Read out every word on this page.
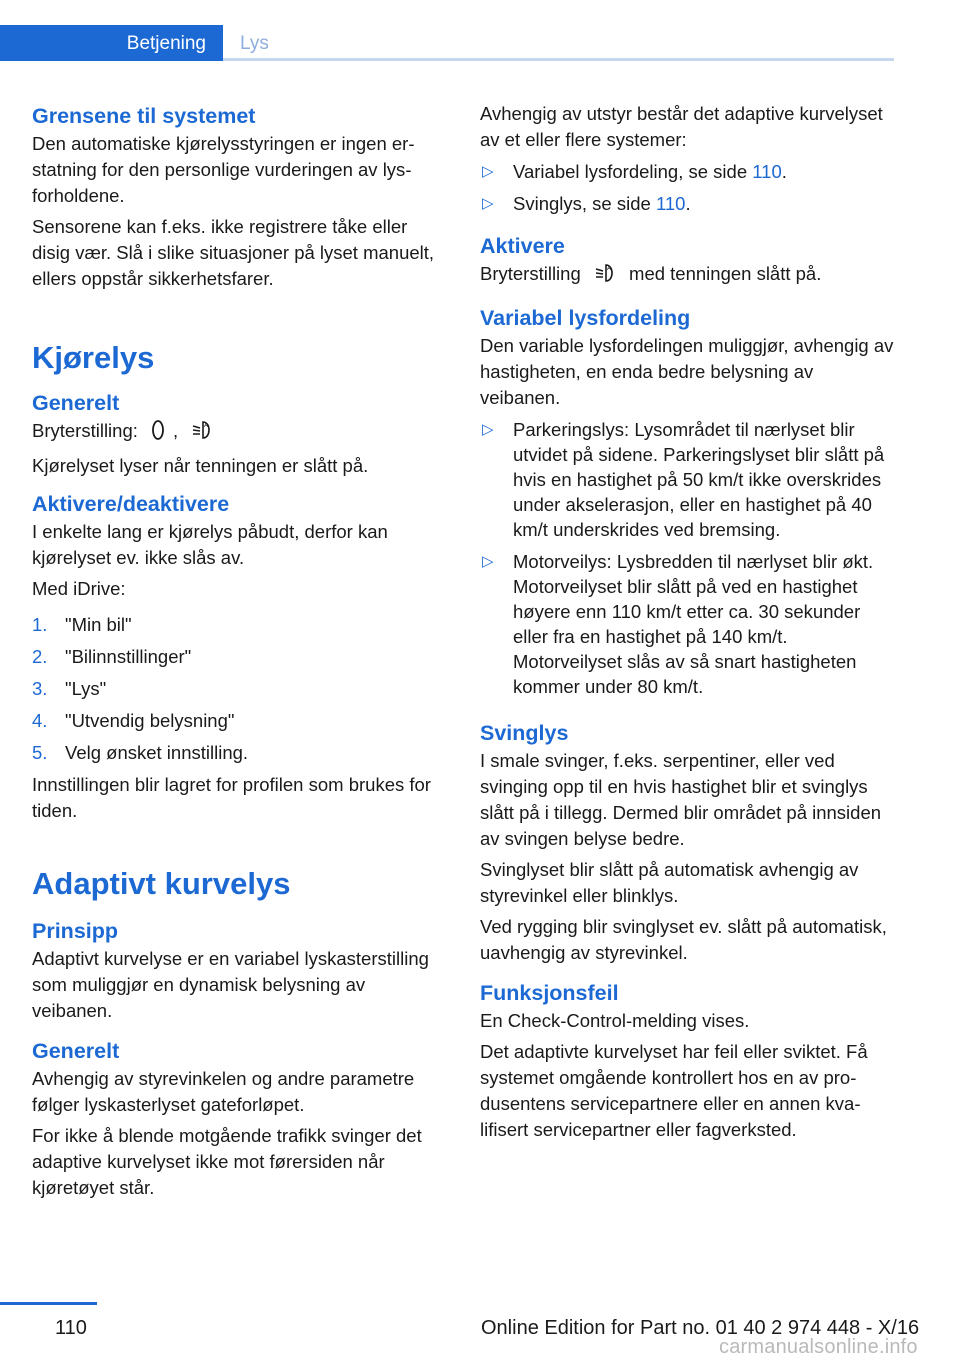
Betjening Lys
Grensene til systemet

Den automatiske kjørelysstyringen er ingen erstatning for den personlige vurderingen av lysforholdene.

Sensorene kan f.eks. ikke registrere tåke eller disig vær. Slå i slike situasjoner på lyset manuelt, ellers oppstår sikkerhetsfarer.

Kjørelys
Generelt

Bryterstilling: ,	A

Kjørelyset lyser når tenningen er slått på.

Aktivere/deaktivere

I enkelte lang er kjørelys påbudt, derfor kan kjørelyset ev. ikke slås av.

Med iDrive:

1. "Min bil"
2. "Bilinnstillinger"
3. "Lys"
4. "Utvendig belysning"
5. Velg ønsket innstilling.

Innstillingen blir lagret for profilen som brukes for tiden.

Adaptivt kurvelys
Prinsipp

Adaptivt kurvelyse er en variabel lyskasterstilling som muliggjør en dynamisk belysning av veibanen.

Generelt

Avhengig av styrevinkelen og andre parametre følger lyskasterlyset gateforløpet.

For ikke å blende motgående trafikk svinger det adaptive kurvelyset ikke mot førersiden når kjøretøyet står.

Avhengig av utstyr består det adaptive kurvelyset av et eller flere systemer:

▷ Variabel lysfordeling, se side 110.
▷ Svinglys, se side 110.
Aktivere

Bryterstilling	A med tenningen slått på.

Variabel lysfordeling

Den variable lysfordelingen muliggjør, avhengig av hastigheten, en enda bedre belysning av veibanen.

▷ Parkeringslys: Lysområdet til nærlyset blir utvidet på sidene. Parkeringslyset blir slått på hvis en hastighet på 50 km/t ikke overskrides under akselerasjon, eller en hastighet på 40 km/t underskrides ved bremsing.
▷ Motorveilys: Lysbredden til nærlyset blir økt. Motorveilyset blir slått på ved en hastighet høyere enn 110 km/t etter ca. 30 sekunder eller fra en hastighet på 140 km/t. Motorveilyset slås av så snart hastigheten kommer under 80 km/t.
Svinglys

I smale svinger, f.eks. serpentiner, eller ved svinging opp til en hvis hastighet blir et svinglys slått på i tillegg. Dermed blir området på innsiden av svingen belyse bedre.

Svinglyset blir slått på automatisk avhengig av styrevinkel eller blinklys.

Ved rygging blir svinglyset ev. slått på automatisk, uavhengig av styrevinkel.

Funksjonsfeil

En Check-Control-melding vises.

Det adaptivte kurvelyset har feil eller sviktet. Få systemet omgående kontrollert hos en av produsentens servicepartnere eller en annen kvalifisert servicepartner eller fagverksted.

110	Online Edition for Part no. 01 40 2 974 448 - X/16
carmanualsonline.info
